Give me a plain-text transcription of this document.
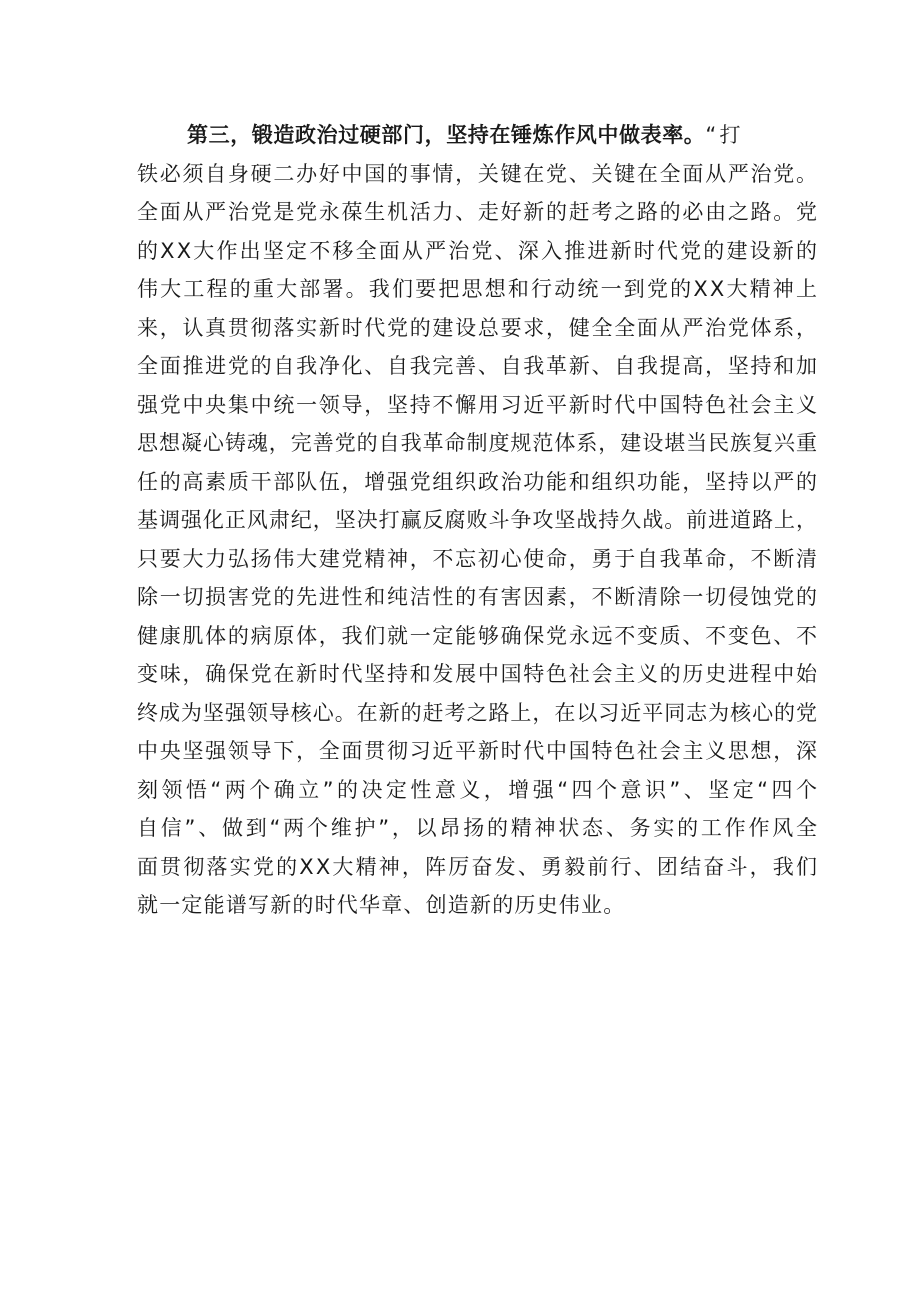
第三，锻造政治过硬部门，坚持在锤炼作风中做表率。“打
铁必须自身硬二办好中国的事情，关键在党、关键在全面从严治党。
全面从严治党是党永葆生机活力、走好新的赶考之路的必由之路。党
的XX大作出坚定不移全面从严治党、深入推进新时代党的建设新的
伟大工程的重大部署。我们要把思想和行动统一到党的XX大精神上
来，认真贯彻落实新时代党的建设总要求，健全全面从严治党体系，
全面推进党的自我净化、自我完善、自我革新、自我提高，坚持和加
强党中央集中统一领导，坚持不懈用习近平新时代中国特色社会主义
思想凝心铸魂，完善党的自我革命制度规范体系，建设堪当民族复兴重
任的高素质干部队伍，增强党组织政治功能和组织功能，坚持以严的
基调强化正风肃纪，坚决打赢反腐败斗争攻坚战持久战。前进道路上，
只要大力弘扬伟大建党精神，不忘初心使命，勇于自我革命，不断清
除一切损害党的先进性和纯洁性的有害因素，不断清除一切侵蚀党的
健康肌体的病原体，我们就一定能够确保党永远不变质、不变色、不
变味，确保党在新时代坚持和发展中国特色社会主义的历史进程中始
终成为坚强领导核心。在新的赶考之路上，在以习近平同志为核心的党
中央坚强领导下，全面贯彻习近平新时代中国特色社会主义思想，深
刻领悟“两个确立”的决定性意义，增强“四个意识”、坚定“四个
自信”、做到“两个维护”，以昂扬的精神状态、务实的工作作风全
面贯彻落实党的XX大精神，阵厉奋发、勇毅前行、团结奋斗，我们
就一定能谱写新的时代华章、创造新的历史伟业。
